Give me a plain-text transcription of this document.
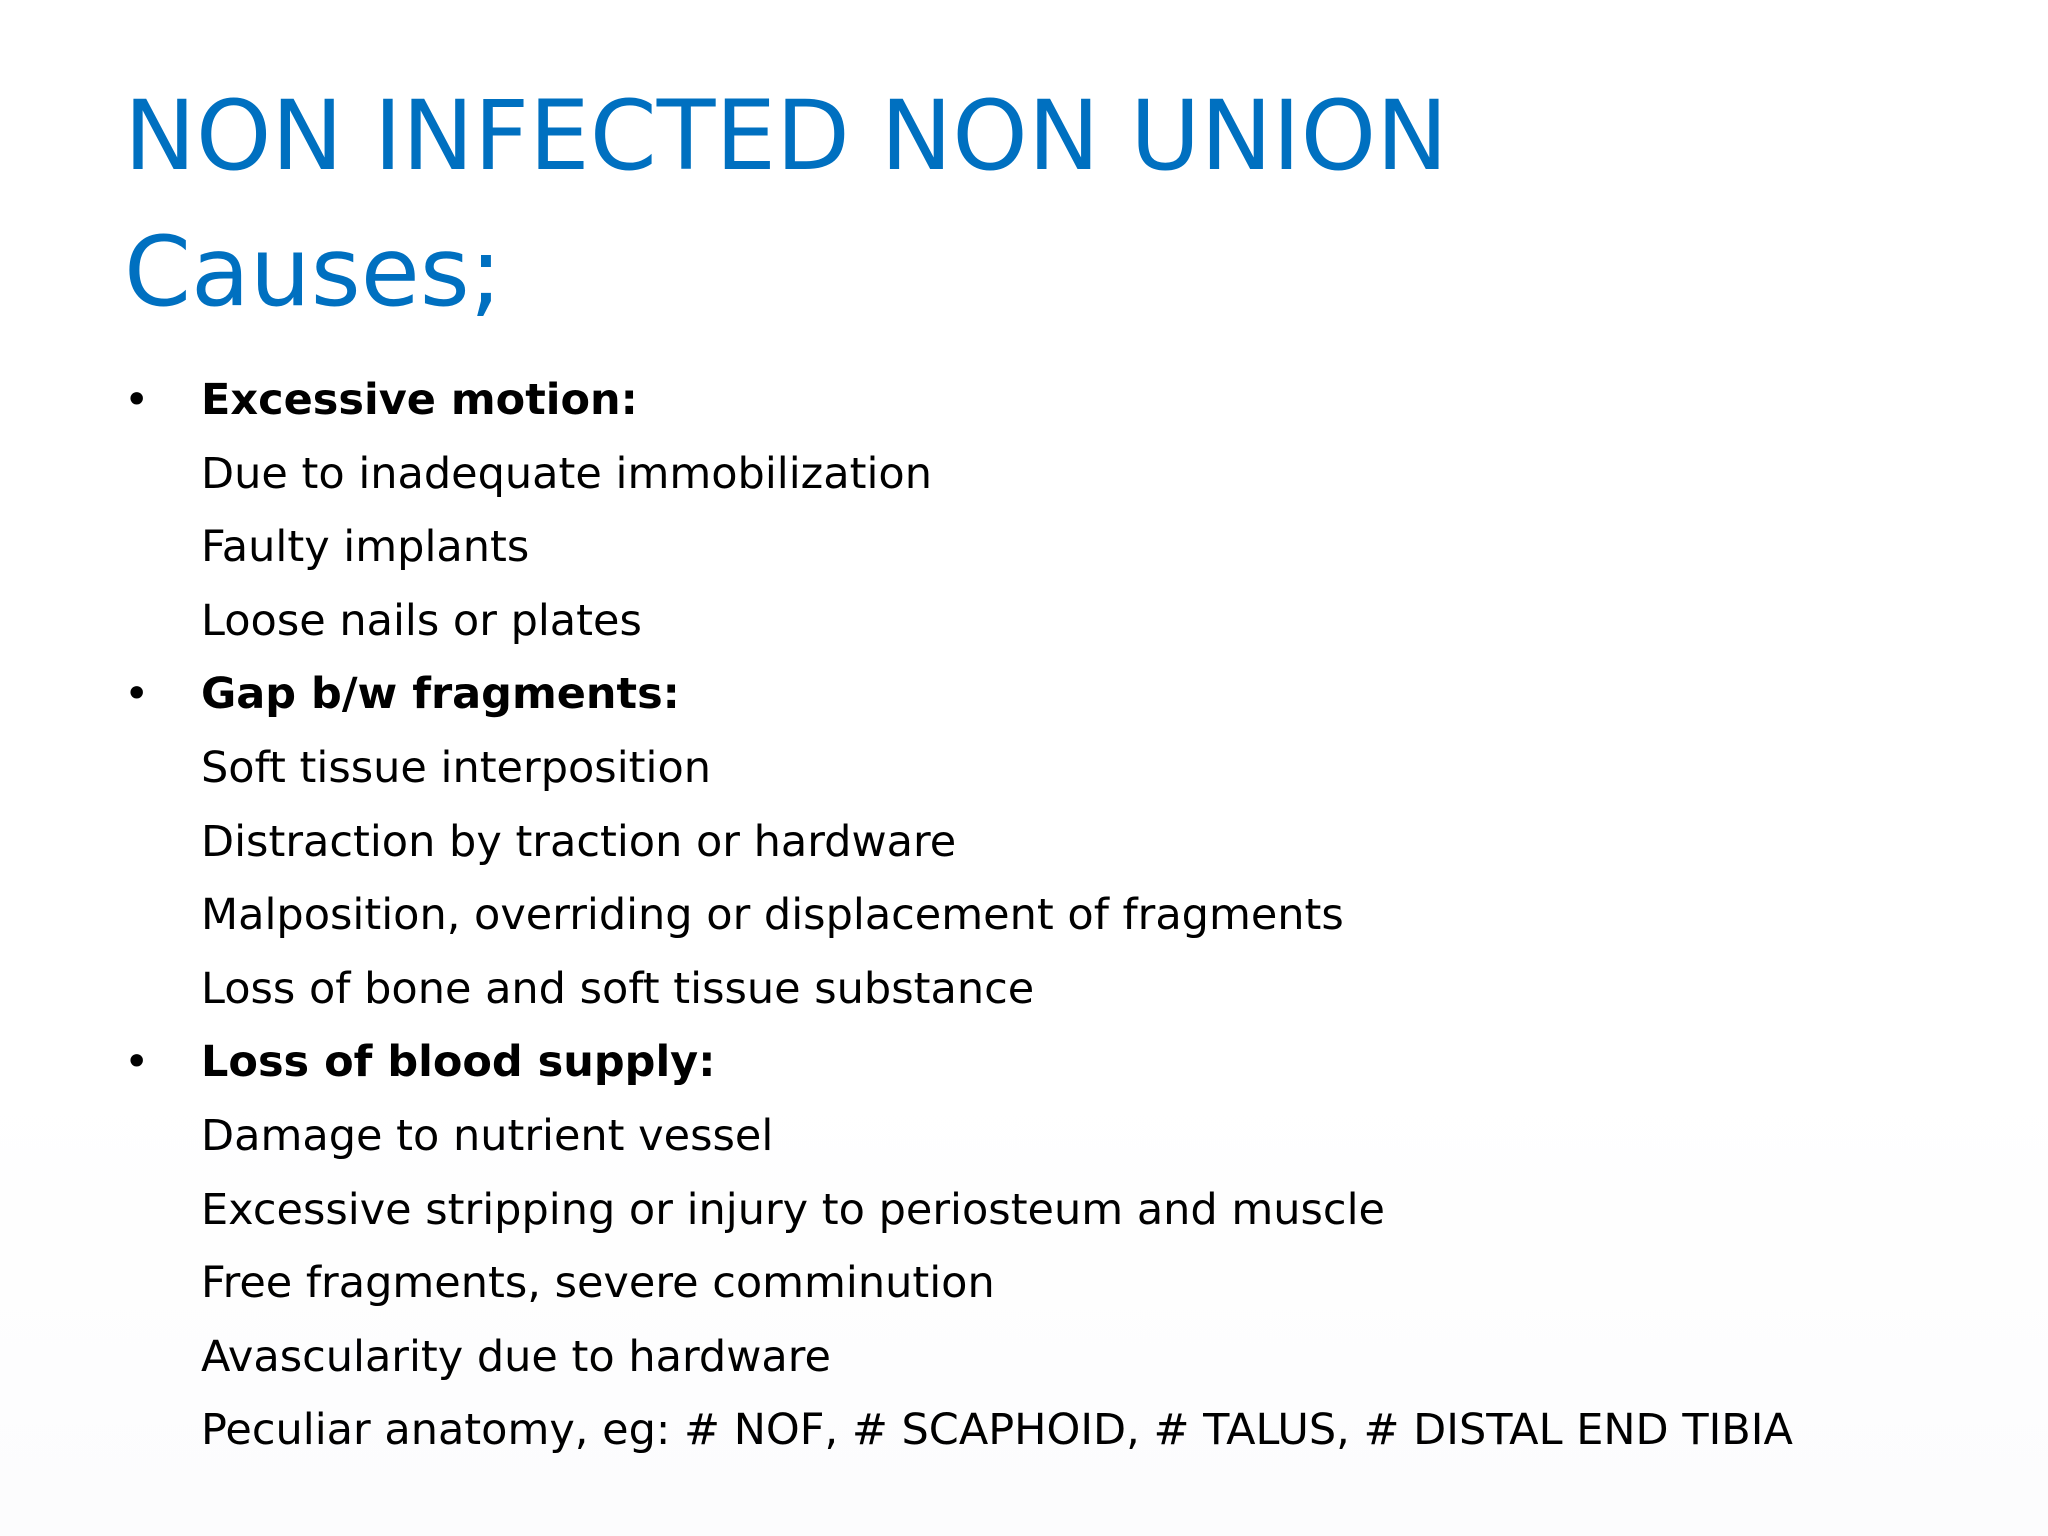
NON INFECTED NON UNION
Causes;
• Excessive motion:
Due to inadequate immobilization
Faulty implants
Loose nails or plates
• Gap b/w fragments:
Soft tissue interposition
Distraction by traction or hardware
Malposition, overriding or displacement of fragments
Loss of bone and soft tissue substance
• Loss of blood supply:
Damage to nutrient vessel
Excessive stripping or injury to periosteum and muscle
Free fragments, severe comminution
Avascularity due to hardware
Peculiar anatomy, eg: # NOF, # SCAPHOID, # TALUS, # DISTAL END TIBIA
